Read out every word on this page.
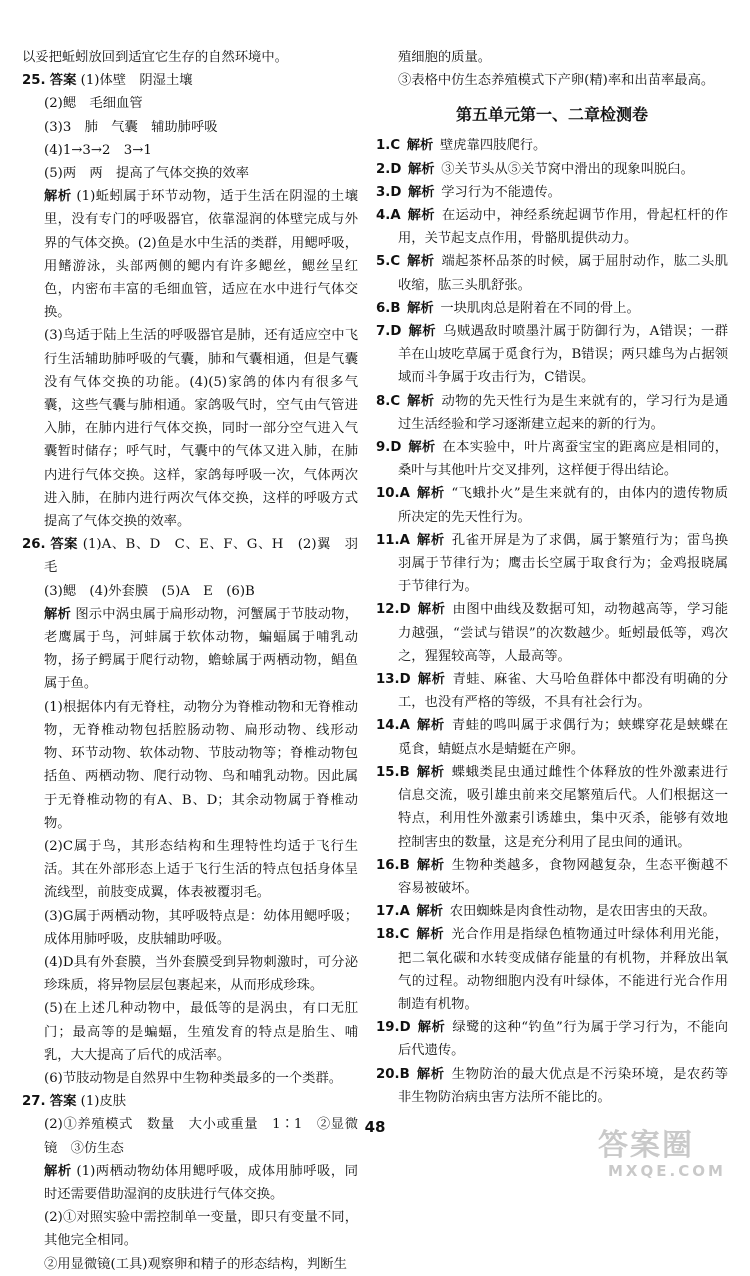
以妥把蚯蚓放回到适宜它生存的自然环境中。

25. 答案 (1)体壁　阴湿土壤

(2)鳃　毛细血管

(3)3　肺　气囊　辅助肺呼吸

(4)1→3→2　3→1

(5)两　两　提高了气体交换的效率

解析 (1)蚯蚓属于环节动物，适于生活在阴湿的土壤里，没有专门的呼吸器官，依靠湿润的体壁完成与外界的气体交换。(2)鱼是水中生活的类群，用鳃呼吸，用鳍游泳，头部两侧的鳃内有许多鳃丝，鳃丝呈红色，内密布丰富的毛细血管，适应在水中进行气体交换。

(3)鸟适于陆上生活的呼吸器官是肺，还有适应空中飞行生活辅助肺呼吸的气囊，肺和气囊相通，但是气囊没有气体交换的功能。(4)(5)家鸽的体内有很多气囊，这些气囊与肺相通。家鸽吸气时，空气由气管进入肺，在肺内进行气体交换，同时一部分空气进入气囊暂时储存；呼气时，气囊中的气体又进入肺，在肺内进行气体交换。这样，家鸽每呼吸一次，气体两次进入肺，在肺内进行两次气体交换，这样的呼吸方式提高了气体交换的效率。

26. 答案 (1)A、B、D　C、E、F、G、H　(2)翼　羽毛

(3)鳃　(4)外套膜　(5)A　E　(6)B

解析 图示中涡虫属于扁形动物，河蟹属于节肢动物，老鹰属于鸟，河蚌属于软体动物，蝙蝠属于哺乳动物，扬子鳄属于爬行动物，蟾蜍属于两栖动物，鲳鱼属于鱼。

(1)根据体内有无脊柱，动物分为脊椎动物和无脊椎动物，无脊椎动物包括腔肠动物、扁形动物、线形动物、环节动物、软体动物、节肢动物等；脊椎动物包括鱼、两栖动物、爬行动物、鸟和哺乳动物。因此属于无脊椎动物的有A、B、D；其余动物属于脊椎动物。

(2)C属于鸟，其形态结构和生理特性均适于飞行生活。其在外部形态上适于飞行生活的特点包括身体呈流线型，前肢变成翼，体表被覆羽毛。

(3)G属于两栖动物，其呼吸特点是：幼体用鳃呼吸；成体用肺呼吸，皮肤辅助呼吸。

(4)D具有外套膜，当外套膜受到异物刺激时，可分泌珍珠质，将异物层层包裹起来，从而形成珍珠。

(5)在上述几种动物中，最低等的是涡虫，有口无肛门；最高等的是蝙蝠，生殖发育的特点是胎生、哺乳，大大提高了后代的成活率。

(6)节肢动物是自然界中生物种类最多的一个类群。

27. 答案 (1)皮肤

(2)①养殖模式　数量　大小或重量　1∶1　②显微镜　③仿生态

解析 (1)两栖动物幼体用鳃呼吸，成体用肺呼吸，同时还需要借助湿润的皮肤进行气体交换。

(2)①对照实验中需控制单一变量，即只有变量不同，其他完全相同。

②用显微镜(工具)观察卵和精子的形态结构，判断生

殖细胞的质量。

③表格中仿生态养殖模式下产卵(精)率和出苗率最高。

第五单元第一、二章检测卷

1.C  解析  壁虎靠四肢爬行。

2.D  解析  ③关节头从⑤关节窝中滑出的现象叫脱臼。

3.D  解析  学习行为不能遗传。

4.A  解析  在运动中，神经系统起调节作用，骨起杠杆的作用，关节起支点作用，骨骼肌提供动力。

5.C  解析  端起茶杯品茶的时候，属于屈肘动作，肱二头肌收缩，肱三头肌舒张。

6.B  解析  一块肌肉总是附着在不同的骨上。

7.D  解析  乌贼遇敌时喷墨汁属于防御行为，A错误；一群羊在山坡吃草属于觅食行为，B错误；两只雄鸟为占据领域而斗争属于攻击行为，C错误。

8.C  解析  动物的先天性行为是生来就有的，学习行为是通过生活经验和学习逐渐建立起来的新的行为。

9.D  解析  在本实验中，叶片离蚕宝宝的距离应是相同的，桑叶与其他叶片交叉排列，这样便于得出结论。

10.A  解析  “飞蛾扑火”是生来就有的，由体内的遗传物质所决定的先天性行为。

11.A  解析  孔雀开屏是为了求偶，属于繁殖行为；雷鸟换羽属于节律行为；鹰击长空属于取食行为；金鸡报晓属于节律行为。

12.D  解析  由图中曲线及数据可知，动物越高等，学习能力越强，“尝试与错误”的次数越少。蚯蚓最低等，鸡次之，猩猩较高等，人最高等。

13.D  解析  青蛙、麻雀、大马哈鱼群体中都没有明确的分工，也没有严格的等级，不具有社会行为。

14.A  解析  青蛙的鸣叫属于求偶行为；蛱蝶穿花是蛱蝶在觅食，蜻蜓点水是蜻蜓在产卵。

15.B  解析  蝶蛾类昆虫通过雌性个体释放的性外激素进行信息交流，吸引雄虫前来交尾繁殖后代。人们根据这一特点，利用性外激素引诱雄虫，集中灭杀，能够有效地控制害虫的数量，这是充分利用了昆虫间的通讯。

16.B  解析  生物种类越多，食物网越复杂，生态平衡越不容易被破坏。

17.A  解析  农田蜘蛛是肉食性动物，是农田害虫的天敌。

18.C  解析  光合作用是指绿色植物通过叶绿体利用光能，把二氧化碳和水转变成储存能量的有机物，并释放出氧气的过程。动物细胞内没有叶绿体，不能进行光合作用制造有机物。

19.D  解析  绿鹭的这种“钓鱼”行为属于学习行为，不能向后代遗传。

20.B  解析  生物防治的最大优点是不污染环境，是农药等非生物防治病虫害方法所不能比的。

48
答案圈
MXQE.COM
